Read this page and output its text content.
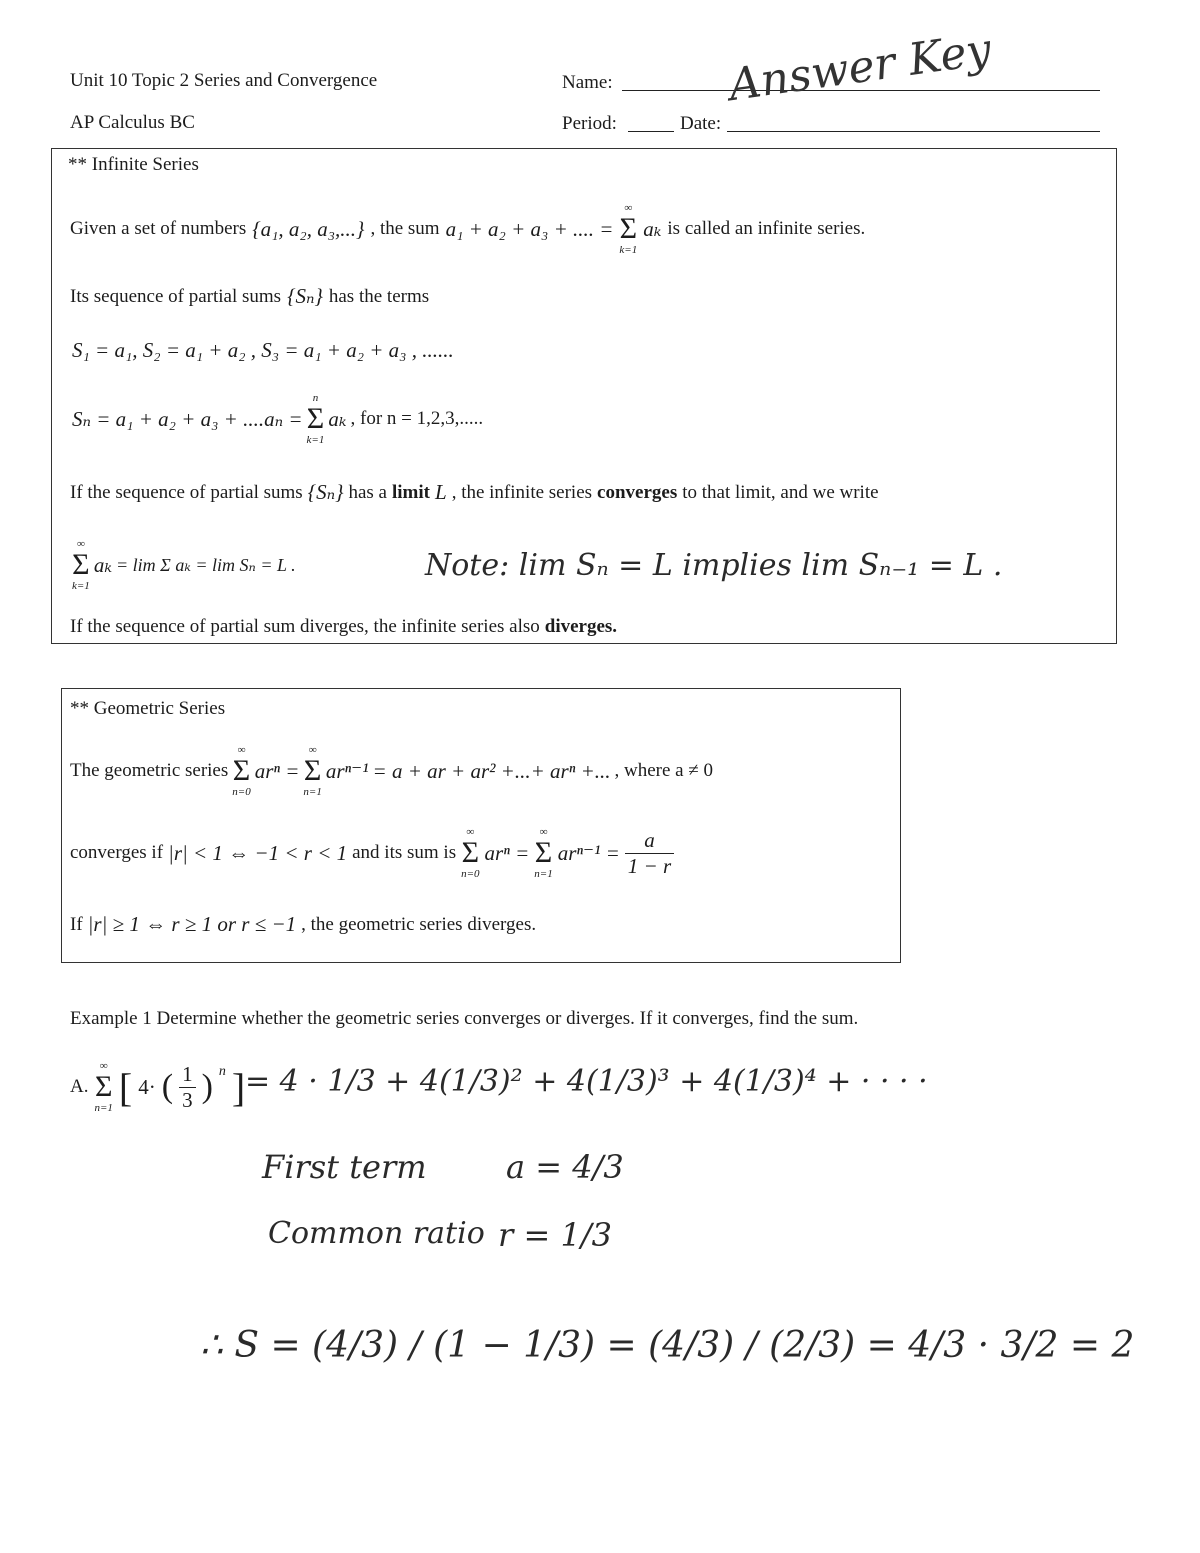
Unit 10 Topic 2 Series and Convergence
AP Calculus BC
Name:	Answer Key
Period:	Date:
** Infinite Series
Given a set of numbers {a₁, a₂, a₃,...} , the sum a₁ + a₂ + a₃ + .... =
∞
Σ
k=1
aₖ is called an infinite series.
Its sequence of partial sums {Sₙ} has the terms
S₁ = a₁, S₂ = a₁ + a₂ , S₃ = a₁ + a₂ + a₃ , ......
Sₙ = a₁ + a₂ + a₃ + ....aₙ =
n
Σ
k=1
aₖ , for n = 1,2,3,.....
If the sequence of partial sums {Sₙ} has a limit L , the infinite series converges to that limit, and we write
∞
Σ
k=1
aₖ = lim Σ aₖ = lim Sₙ = L .	Note: lim Sₙ = L implies lim Sₙ₋₁ = L .
If the sequence of partial sum diverges, the infinite series also diverges.
** Geometric Series
The geometric series
∞
Σ
n=0
arⁿ =
∞
Σ
n=1
arⁿ⁻¹ = a + ar + ar² +...+ arⁿ +... , where a ≠ 0
converges if |r| < 1 ⇔ −1 < r < 1 and its sum is
∞
Σ
n=0
arⁿ =
∞
Σ
n=1
$ar^{n-1} = \frac{a}{1 - r}$
If |r| ≥ 1 ⇔ r ≥ 1 or r ≤ −1 , the geometric series diverges.
Example 1 Determine whether the geometric series converges or diverges. If it converges, find the sum.
A.
∞
Σ
n=1 [ 4· ( $\frac{1}{3}$ ) n ] = 4 · 1/3 + 4(1/3)² + 4(1/3)³ + 4(1/3)⁴ + · · · ·
First term a = 4/3
Common ratio r = 1/3
∴ S = (4/3) / (1 − 1/3) = (4/3) / (2/3) = 4/3 · 3/2 = 2
